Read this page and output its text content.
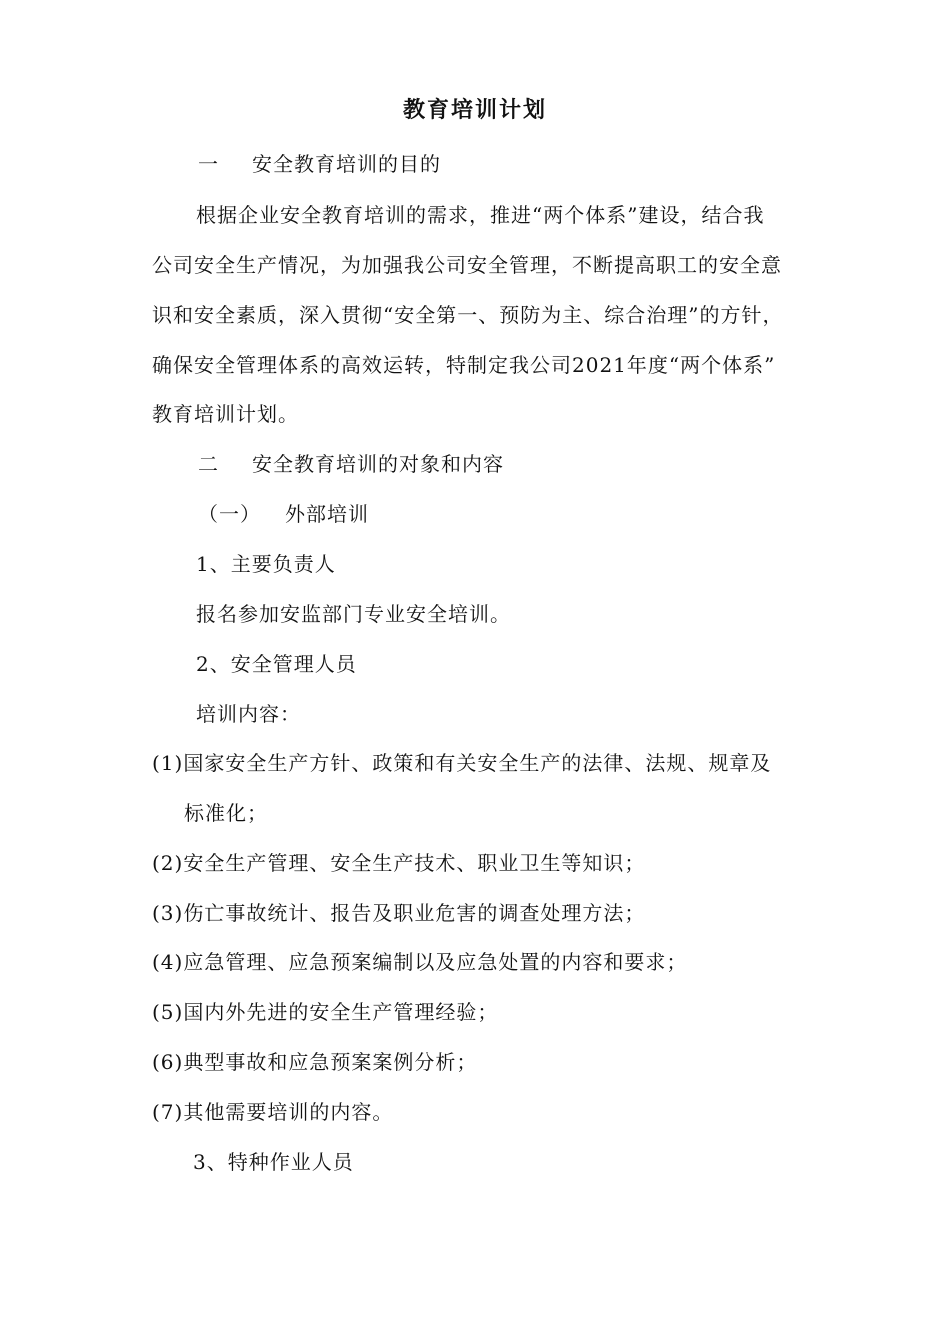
教育培训计划
一 安全教育培训的目的
根据企业安全教育培训的需求，推进“两个体系”建设，结合我
公司安全生产情况，为加强我公司安全管理，不断提高职工的安全意
识和安全素质，深入贯彻“安全第一、预防为主、综合治理”的方针，
确保安全管理体系的高效运转，特制定我公司2021年度“两个体系”
教育培训计划。
二 安全教育培训的对象和内容
（一） 外部培训
1、主要负责人
报名参加安监部门专业安全培训。
2、安全管理人员
培训内容：
(1)国家安全生产方针、政策和有关安全生产的法律、法规、规章及
标准化；
(2)安全生产管理、安全生产技术、职业卫生等知识；
(3)伤亡事故统计、报告及职业危害的调查处理方法；
(4)应急管理、应急预案编制以及应急处置的内容和要求；
(5)国内外先进的安全生产管理经验；
(6)典型事故和应急预案案例分析；
(7)其他需要培训的内容。
3、特种作业人员
